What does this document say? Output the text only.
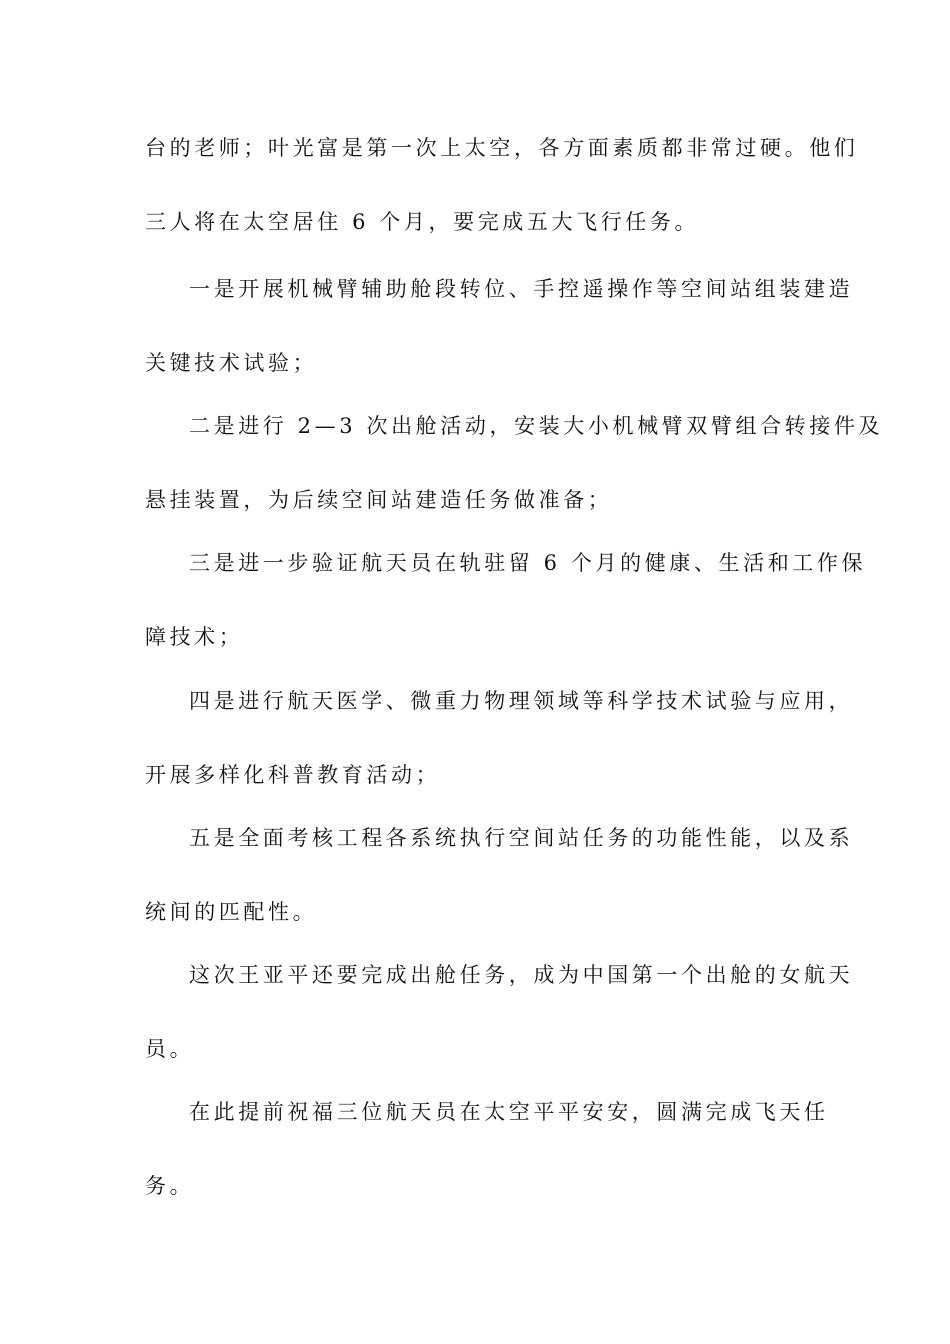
台的老师；叶光富是第一次上太空，各方面素质都非常过硬。他们
三人将在太空居住 6 个月，要完成五大飞行任务。
一是开展机械臂辅助舱段转位、手控遥操作等空间站组装建造
关键技术试验；
二是进行 2—3 次出舱活动，安装大小机械臂双臂组合转接件及
悬挂装置，为后续空间站建造任务做准备；
三是进一步验证航天员在轨驻留 6 个月的健康、生活和工作保
障技术；
四是进行航天医学、微重力物理领域等科学技术试验与应用，
开展多样化科普教育活动；
五是全面考核工程各系统执行空间站任务的功能性能，以及系
统间的匹配性。
这次王亚平还要完成出舱任务，成为中国第一个出舱的女航天
员。
在此提前祝福三位航天员在太空平平安安，圆满完成飞天任
务。
